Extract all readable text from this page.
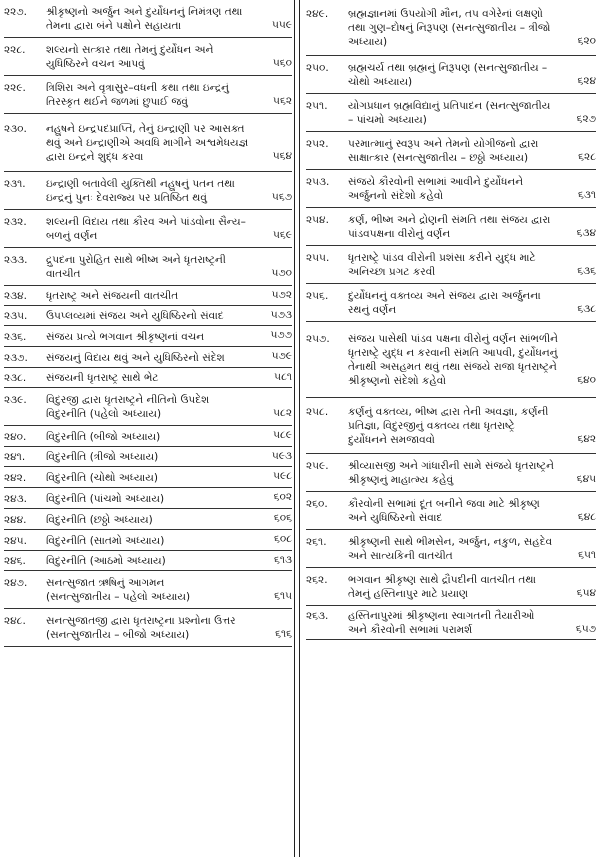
૨૨૭.	શ્રીકૃષ્ણનો અર્જુન અને દુર્યોધનનું નિમંત્રણ તથા
તેમના દ્વારા બંને પક્ષોને સહાયતા	૫૫૯
૨૨૮.	શલ્યનો સત્કાર તથા તેમનું દુર્યોધન અને
યુધિષ્ઠિરને વચન આપવું	૫૬૦
૨૨૯.	ત્રિશિરા અને વૃત્રાસુર–વધની કથા તથા ઇન્દ્રનું
તિરસ્કૃત થઈને જળમાં છુપાઈ જવું	૫૬૨
૨૩૦.	નહુષને ઇન્દ્રપદપ્રાપ્તિ, તેનું ઇન્દ્રાણી પર આસક્ત
થવું અને ઇન્દ્રાણીએ અવધિ માગીને અશ્વમેધયજ્ઞ
દ્વારા ઇન્દ્રને શુદ્ધ કરવા	૫૬૪
૨૩૧.	ઇન્દ્રાણી બતાવેલી યુક્તિથી નહુષનું પતન તથા
ઇન્દ્રનું પુનઃ દેવરાજ્ય પર પ્રતિષ્ઠિત થવું	૫૬૭
૨૩૨.	શલ્યની વિદાય તથા કૌરવ અને પાંડવોના સૈન્ય–
બળનું વર્ણન	૫૬૯
૨૩૩.	દ્રુપદના પુરોહિત સાથે ભીષ્મ અને ધૃતરાષ્ટ્રની
વાતચીત	૫૭૦
૨૩૪.	ધૃતરાષ્ટ્ર અને સંજયની વાતચીત	૫૭૨
૨૩૫.	ઉપપ્લવ્યમાં સંજય અને યુધિષ્ઠિરનો સંવાદ	૫૭૩
૨૩૬.	સંજય પ્રત્યે ભગવાન શ્રીકૃષ્ણનાં વચન	૫૭૭
૨૩૭.	સંજયનું વિદાય થવું અને યુધિષ્ઠિરનો સંદેશ	૫૭૯
૨૩૮.	સંજયની ધૃતરાષ્ટ્ર સાથે ભેટ	૫૮૧
૨૩૯.	વિદુરજી દ્વારા ધૃતરાષ્ટ્રને નીતિનો ઉપદેશ
વિદુરનીતિ (પહેલો અધ્યાય)	૫૮૨
૨૪૦.	વિદુરનીતિ (બીજો અધ્યાય)	૫૮૯
૨૪૧.	વિદુરનીતિ (ત્રીજો અધ્યાય)	૫૯૩
૨૪૨.	વિદુરનીતિ (ચોથો અધ્યાય)	૫૯૮
૨૪૩.	વિદુરનીતિ (પાંચમો અધ્યાય)	૬૦૨
૨૪૪.	વિદુરનીતિ (છઠ્ઠો અધ્યાય)	૬૦૬
૨૪૫.	વિદુરનીતિ (સાતમો અધ્યાય)	૬૦૮
૨૪૬.	વિદુરનીતિ (આઠમો અધ્યાય)	૬૧૩
૨૪૭.	સનત્સુજાત ઋષિનું આગમન
(સનત્સુજાતીય – પહેલો અધ્યાય)	૬૧૫
૨૪૮.	સનત્સુજાતજી દ્વારા ધૃતરાષ્ટ્રના પ્રશ્નોના ઉત્તર
(સનત્સુજાતીય – બીજો અધ્યાય)	૬૧૬
૨૪૯.	બ્રહ્મજ્ઞાનમાં ઉપયોગી મૌન, તપ વગેરેનાં લક્ષણો
તથા ગુણ–દોષનું નિરૂપણ (સનત્સુજાતીય – ત્રીજો
અધ્યાય)	૬૨૦
૨૫૦.	બ્રહ્મચર્ય તથા બ્રહ્મનું નિરૂપણ (સનત્સુજાતીય –
ચોથો અધ્યાય)	૬૨૪
૨૫૧.	યોગપ્રધાન બ્રહ્મવિદ્યાનું પ્રતિપાદન (સનત્સુજાતીય
– પાંચમો અધ્યાય)	૬૨૭
૨૫૨.	પરમાત્માનું સ્વરૂપ અને તેમનો યોગીજનો દ્વારા
સાક્ષાત્કાર (સનત્સુજાતીય – છઠ્ઠો અધ્યાય)	૬૨૮
૨૫૩.	સંજયે કૌરવોની સભામાં આવીને દુર્યોધનને
અર્જુનનો સંદેશો કહેવો	૬૩૧
૨૫૪.	કર્ણ, ભીષ્મ અને દ્રોણની સંમતિ તથા સંજય દ્વારા
પાંડવપક્ષના વીરોનું વર્ણન	૬૩૪
૨૫૫.	ધૃતરાષ્ટ્રે પાંડવ વીરોની પ્રશંસા કરીને યુદ્ધ માટે
અનિચ્છા પ્રગટ કરવી	૬૩૬
૨૫૬.	દુર્યોધનનું વક્તવ્ય અને સંજય દ્વારા અર્જુનના
રથનું વર્ણન	૬૩૮
૨૫૭.	સંજય પાસેથી પાંડવ પક્ષના વીરોનું વર્ણન સાંભળીને
ધૃતરાષ્ટ્રે યુદ્ધ ન કરવાની સંમતિ આપવી, દુર્યોધનનું
તેનાથી અસહમત થવું તથા સંજયે રાજા ધૃતરાષ્ટ્રને
શ્રીકૃષ્ણનો સંદેશો કહેવો	૬૪૦
૨૫૮.	કર્ણનું વક્તવ્ય, ભીષ્મ દ્વારા તેની અવજ્ઞા, કર્ણની
પ્રતિજ્ઞા, વિદુરજીનું વક્તવ્ય તથા ધૃતરાષ્ટ્રે
દુર્યોધનને સમજાવવો	૬૪૨
૨૫૯.	શ્રીવ્યાસજી અને ગાંધારીની સામે સંજયે ધૃતરાષ્ટ્રને
શ્રીકૃષ્ણનું માહાત્મ્ય કહેવું	૬૪૫
૨૬૦.	કૌરવોની સભામાં દૂત બનીને જવા માટે શ્રીકૃષ્ણ
અને યુધિષ્ઠિરનો સંવાદ	૬૪૮
૨૬૧.	શ્રીકૃષ્ણની સાથે ભીમસેન, અર્જુન, નકુળ, સહદેવ
અને સાત્યકિની વાતચીત	૬૫૧
૨૬૨.	ભગવાન શ્રીકૃષ્ણ સાથે દ્રૌપદીની વાતચીત તથા
તેમનું હસ્તિનાપુર માટે પ્રયાણ	૬૫૪
૨૬૩.	હસ્તિનાપુરમાં શ્રીકૃષ્ણના સ્વાગતની તૈયારીઓ
અને કૌરવોની સભામાં પરામર્શ	૬૫૭
